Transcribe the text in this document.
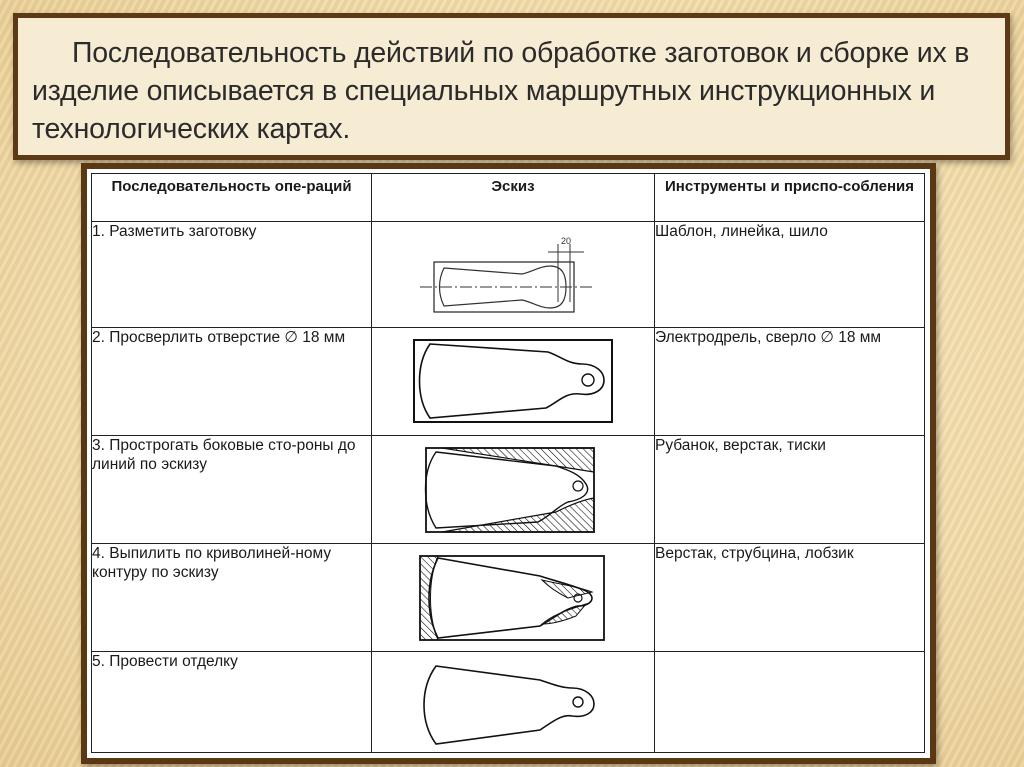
Последовательность действий по обработке заготовок и сборке их в изделие описывается в специальных маршрутных инструкционных и технологических картах.
Последовательность опе-раций	Эскиз	Инструменты и приспо-собления
1. Разметить заготовку	20	Шаблон, линейка, шило
2. Просверлить отверстие ∅ 18 мм		Электродрель, сверло ∅ 18 мм
3. Прострогать боковые сто-роны до линий по эскизу		Рубанок, верстак, тиски
4. Выпилить по криволиней-ному контуру по эскизу		Верстак, струбцина, лобзик
5. Провести отделку	
